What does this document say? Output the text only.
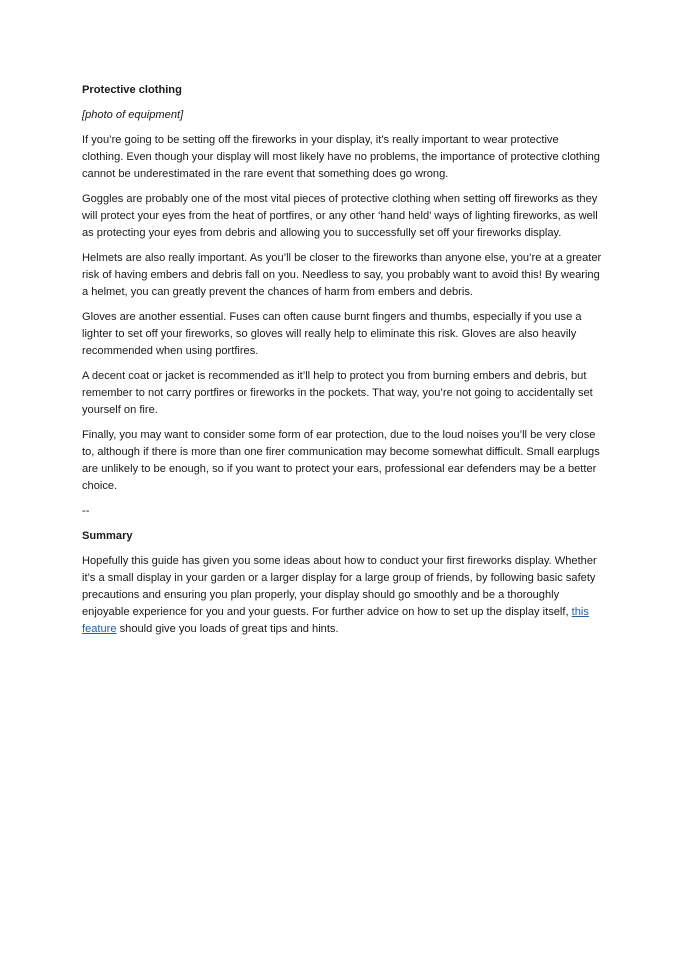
Protective clothing

[photo of equipment]

If you’re going to be setting off the fireworks in your display, it’s really important to wear protective clothing. Even though your display will most likely have no problems, the importance of protective clothing cannot be underestimated in the rare event that something does go wrong.

Goggles are probably one of the most vital pieces of protective clothing when setting off fireworks as they will protect your eyes from the heat of portfires, or any other ‘hand held’ ways of lighting fireworks, as well as protecting your eyes from debris and allowing you to successfully set off your fireworks display.

Helmets are also really important. As you’ll be closer to the fireworks than anyone else, you’re at a greater risk of having embers and debris fall on you. Needless to say, you probably want to avoid this! By wearing a helmet, you can greatly prevent the chances of harm from embers and debris.

Gloves are another essential. Fuses can often cause burnt fingers and thumbs, especially if you use a lighter to set off your fireworks, so gloves will really help to eliminate this risk. Gloves are also heavily recommended when using portfires.

A decent coat or jacket is recommended as it’ll help to protect you from burning embers and debris, but remember to not carry portfires or fireworks in the pockets. That way, you’re not going to accidentally set yourself on fire.

Finally, you may want to consider some form of ear protection, due to the loud noises you’ll be very close to, although if there is more than one firer communication may become somewhat difficult. Small earplugs are unlikely to be enough, so if you want to protect your ears, professional ear defenders may be a better choice.

--

Summary

Hopefully this guide has given you some ideas about how to conduct your first fireworks display. Whether it’s a small display in your garden or a larger display for a large group of friends, by following basic safety precautions and ensuring you plan properly, your display should go smoothly and be a thoroughly enjoyable experience for you and your guests. For further advice on how to set up the display itself, this feature should give you loads of great tips and hints.
